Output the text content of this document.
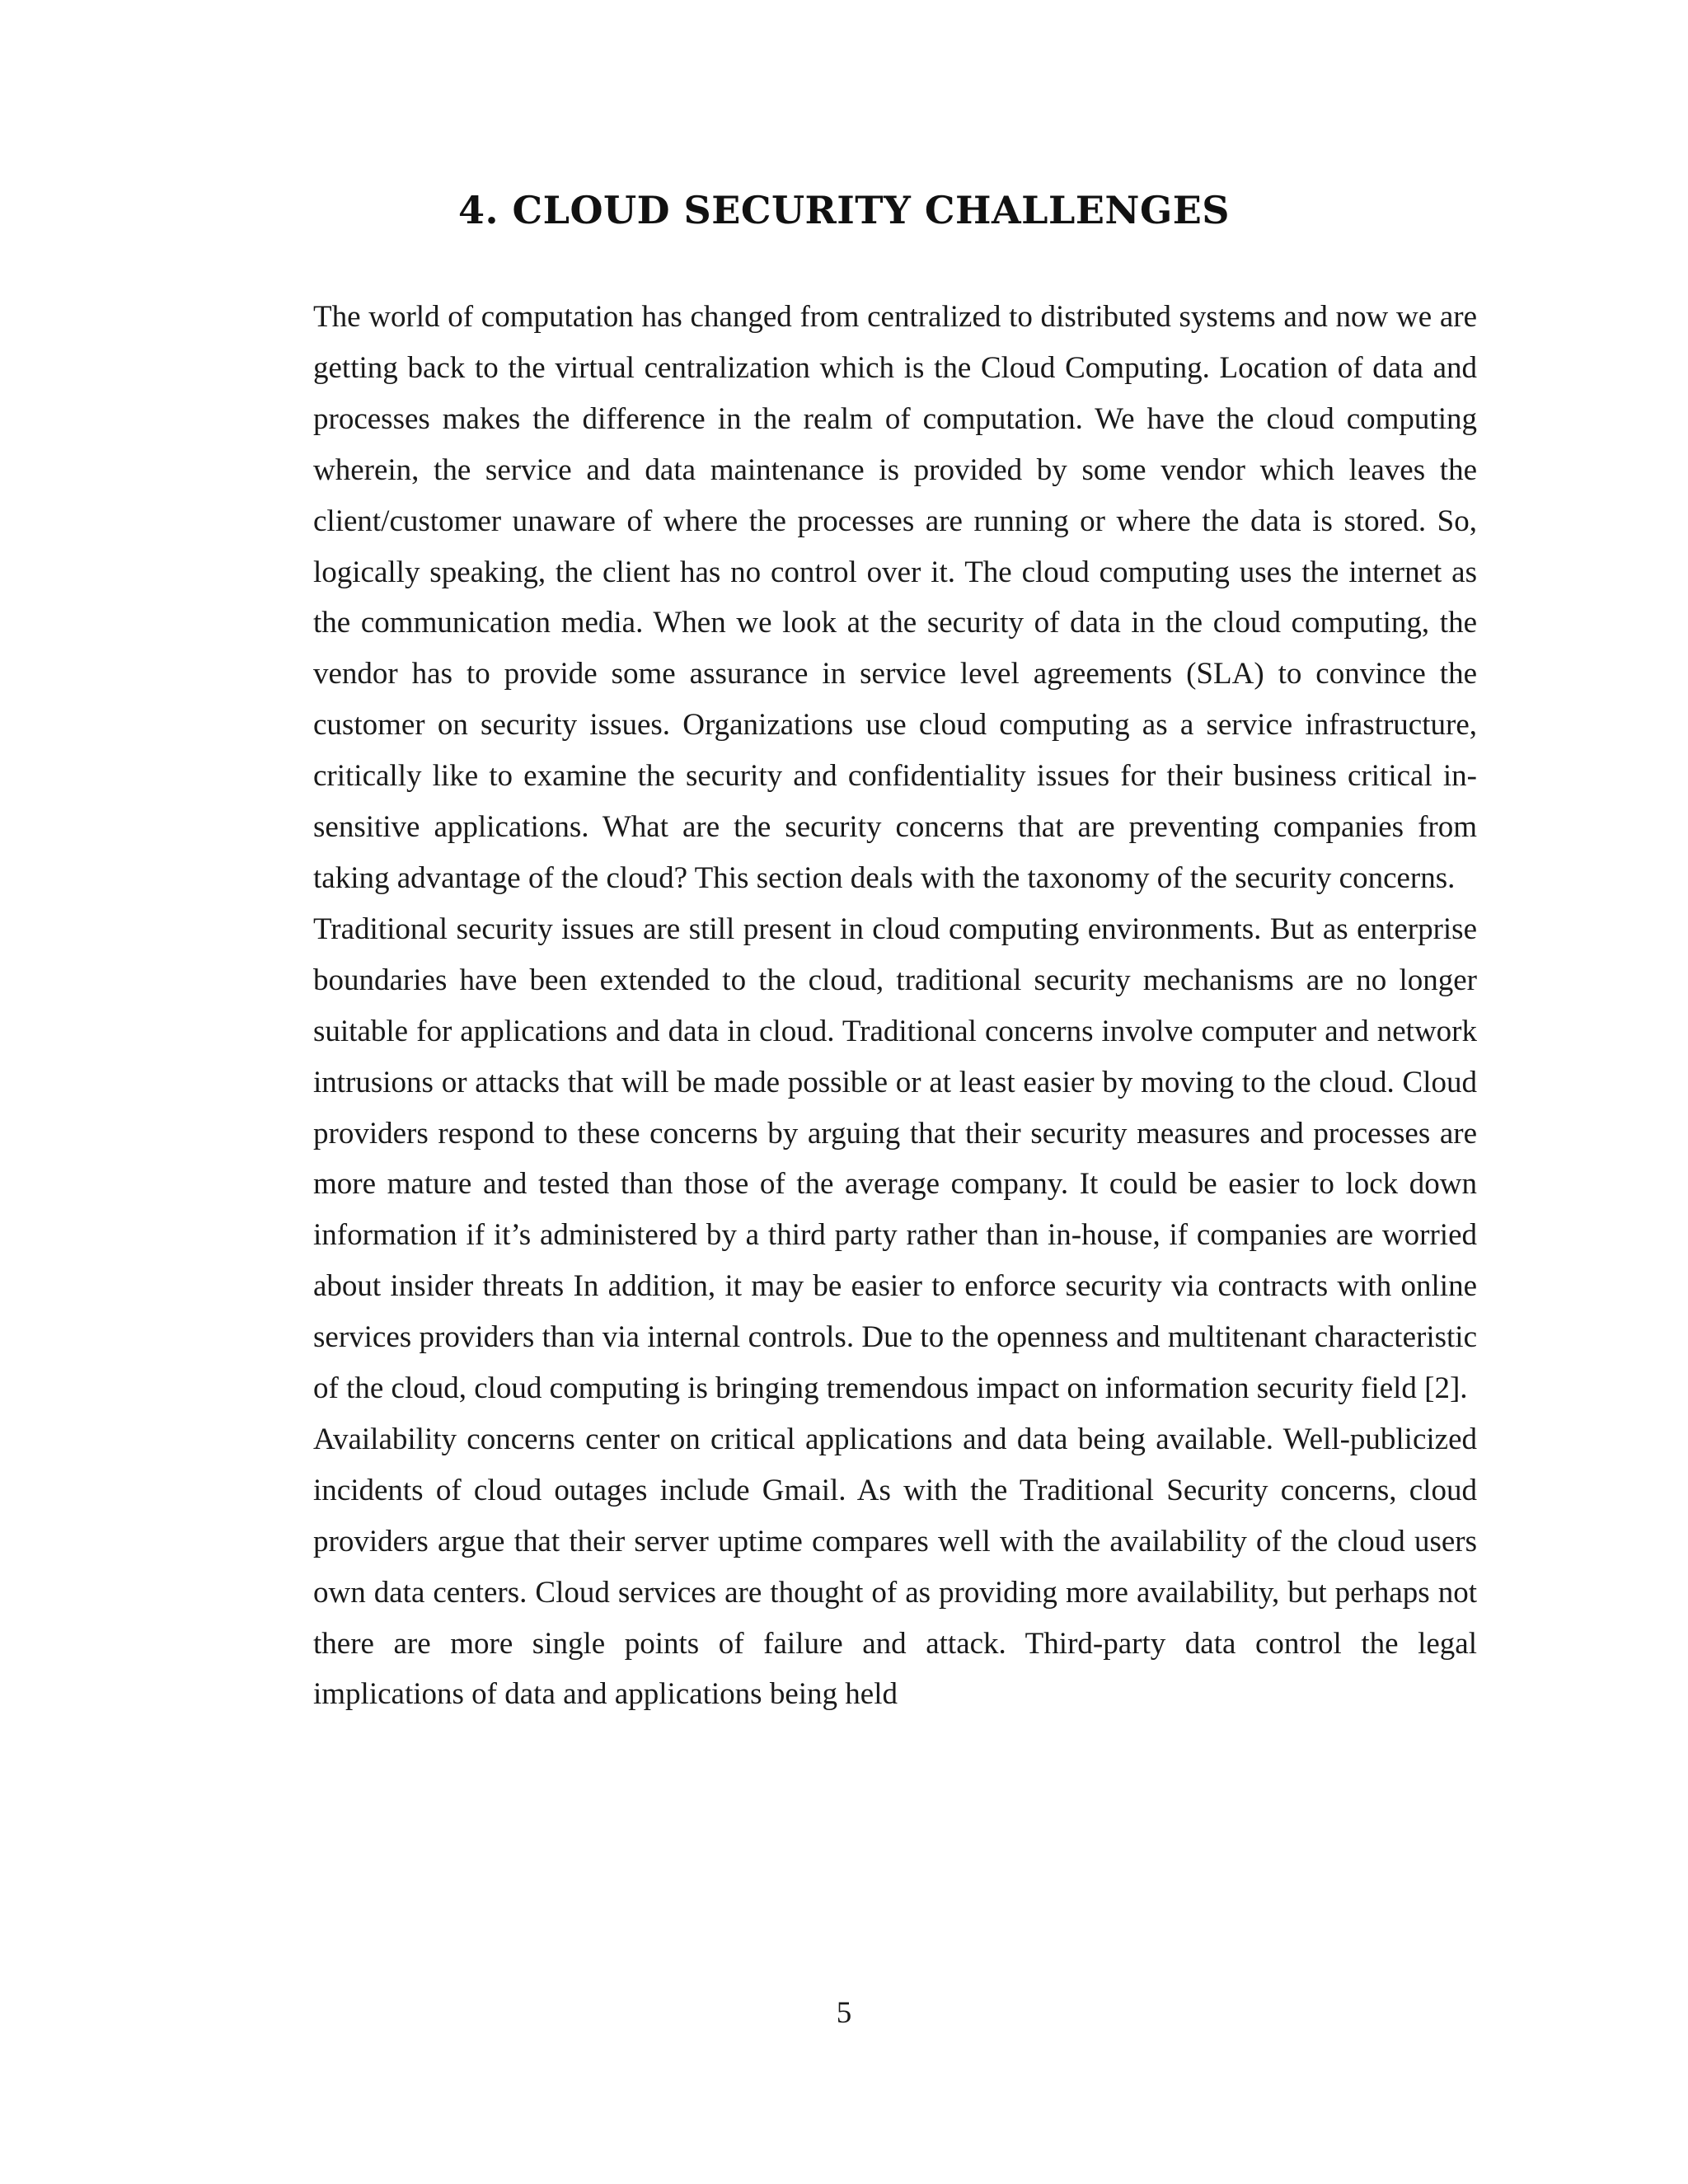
4. CLOUD SECURITY CHALLENGES

The world of computation has changed from centralized to distributed systems and now we are getting back to the virtual centralization which is the Cloud Computing. Location of data and processes makes the difference in the realm of computation. We have the cloud computing wherein, the service and data maintenance is provided by some vendor which leaves the client/customer unaware of where the processes are running or where the data is stored. So, logically speaking, the client has no control over it. The cloud computing uses the internet as the communication media. When we look at the security of data in the cloud computing, the vendor has to provide some assurance in service level agreements (SLA) to convince the customer on security issues. Organizations use cloud computing as a service infrastructure, critically like to examine the security and confidentiality issues for their business critical insensitive applications. What are the security concerns that are preventing companies from taking advantage of the cloud? This section deals with the taxonomy of the security concerns.

Traditional security issues are still present in cloud computing environments. But as enterprise boundaries have been extended to the cloud, traditional security mechanisms are no longer suitable for applications and data in cloud. Traditional concerns involve computer and network intrusions or attacks that will be made possible or at least easier by moving to the cloud. Cloud providers respond to these concerns by arguing that their security measures and processes are more mature and tested than those of the average company. It could be easier to lock down information if it’s administered by a third party rather than in-house, if companies are worried about insider threats In addition, it may be easier to enforce security via contracts with online services providers than via internal controls. Due to the openness and multitenant characteristic of the cloud, cloud computing is bringing tremendous impact on information security field [2].

Availability concerns center on critical applications and data being available. Well-publicized incidents of cloud outages include Gmail. As with the Traditional Security concerns, cloud providers argue that their server uptime compares well with the availability of the cloud users own data centers. Cloud services are thought of as providing more availability, but perhaps not there are more single points of failure and attack. Third-party data control the legal implications of data and applications being held

5
